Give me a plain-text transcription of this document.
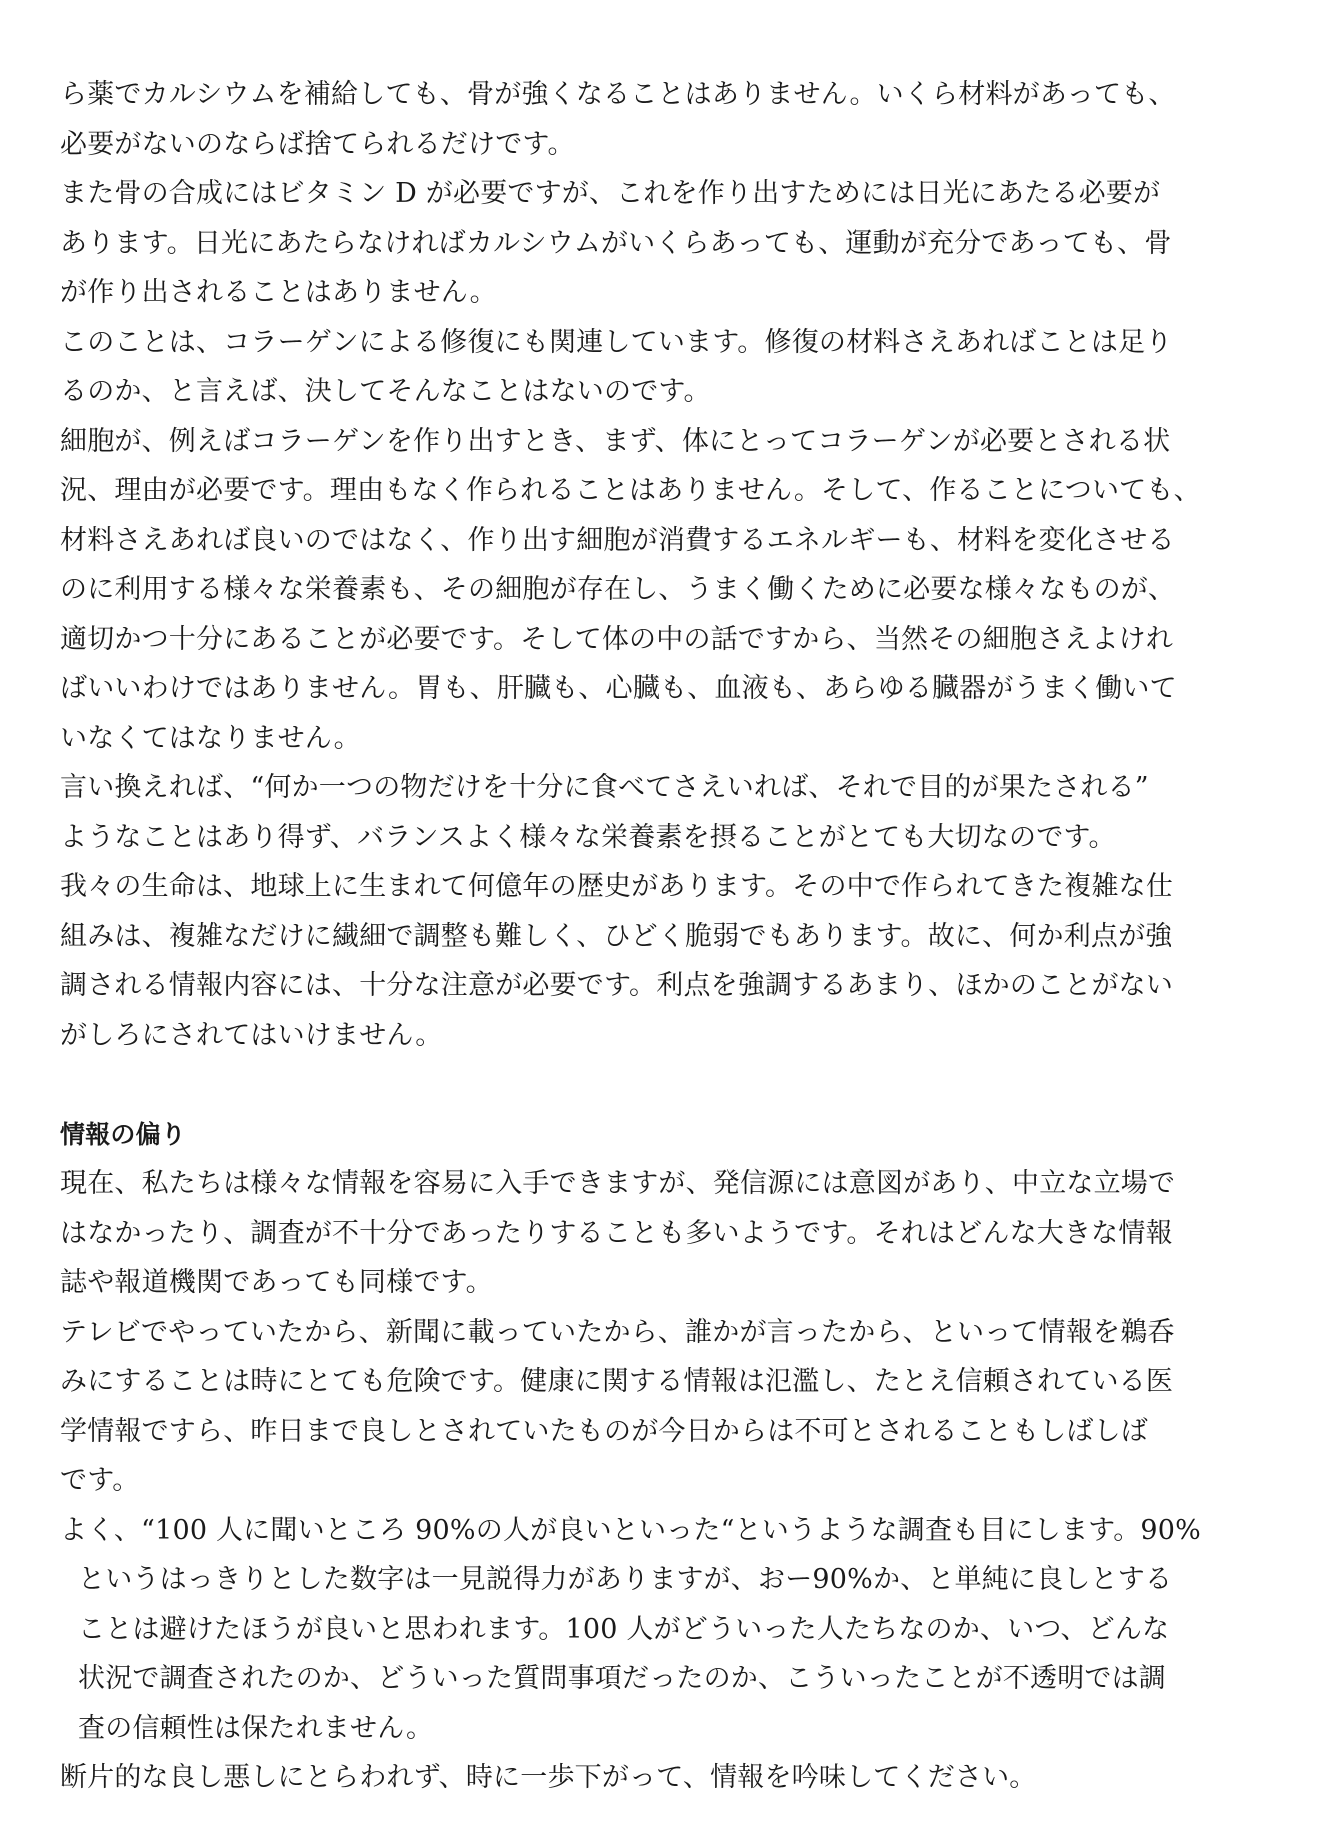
ら薬でカルシウムを補給しても、骨が強くなることはありません。いくら材料があっても、
必要がないのならば捨てられるだけです。
また骨の合成にはビタミン D が必要ですが、これを作り出すためには日光にあたる必要が
あります。日光にあたらなければカルシウムがいくらあっても、運動が充分であっても、骨
が作り出されることはありません。
このことは、コラーゲンによる修復にも関連しています。修復の材料さえあればことは足り
るのか、と言えば、決してそんなことはないのです。
細胞が、例えばコラーゲンを作り出すとき、まず、体にとってコラーゲンが必要とされる状
況、理由が必要です。理由もなく作られることはありません。そして、作ることについても、
材料さえあれば良いのではなく、作り出す細胞が消費するエネルギーも、材料を変化させる
のに利用する様々な栄養素も、その細胞が存在し、うまく働くために必要な様々なものが、
適切かつ十分にあることが必要です。そして体の中の話ですから、当然その細胞さえよけれ
ばいいわけではありません。胃も、肝臓も、心臓も、血液も、あらゆる臓器がうまく働いて
いなくてはなりません。
言い換えれば、“何か一つの物だけを十分に食べてさえいれば、それで目的が果たされる”
ようなことはあり得ず、バランスよく様々な栄養素を摂ることがとても大切なのです。
我々の生命は、地球上に生まれて何億年の歴史があります。その中で作られてきた複雑な仕
組みは、複雑なだけに繊細で調整も難しく、ひどく脆弱でもあります。故に、何か利点が強
調される情報内容には、十分な注意が必要です。利点を強調するあまり、ほかのことがない
がしろにされてはいけません。
情報の偏り
現在、私たちは様々な情報を容易に入手できますが、発信源には意図があり、中立な立場で
はなかったり、調査が不十分であったりすることも多いようです。それはどんな大きな情報
誌や報道機関であっても同様です。
テレビでやっていたから、新聞に載っていたから、誰かが言ったから、といって情報を鵜呑
みにすることは時にとても危険です。健康に関する情報は氾濫し、たとえ信頼されている医
学情報ですら、昨日まで良しとされていたものが今日からは不可とされることもしばしば
です。
よく、“100 人に聞いところ 90%の人が良いといった“というような調査も目にします。90%
というはっきりとした数字は一見説得力がありますが、おー90%か、と単純に良しとする
ことは避けたほうが良いと思われます。100 人がどういった人たちなのか、いつ、どんな
状況で調査されたのか、どういった質問事項だったのか、こういったことが不透明では調
査の信頼性は保たれません。
断片的な良し悪しにとらわれず、時に一歩下がって、情報を吟味してください。
